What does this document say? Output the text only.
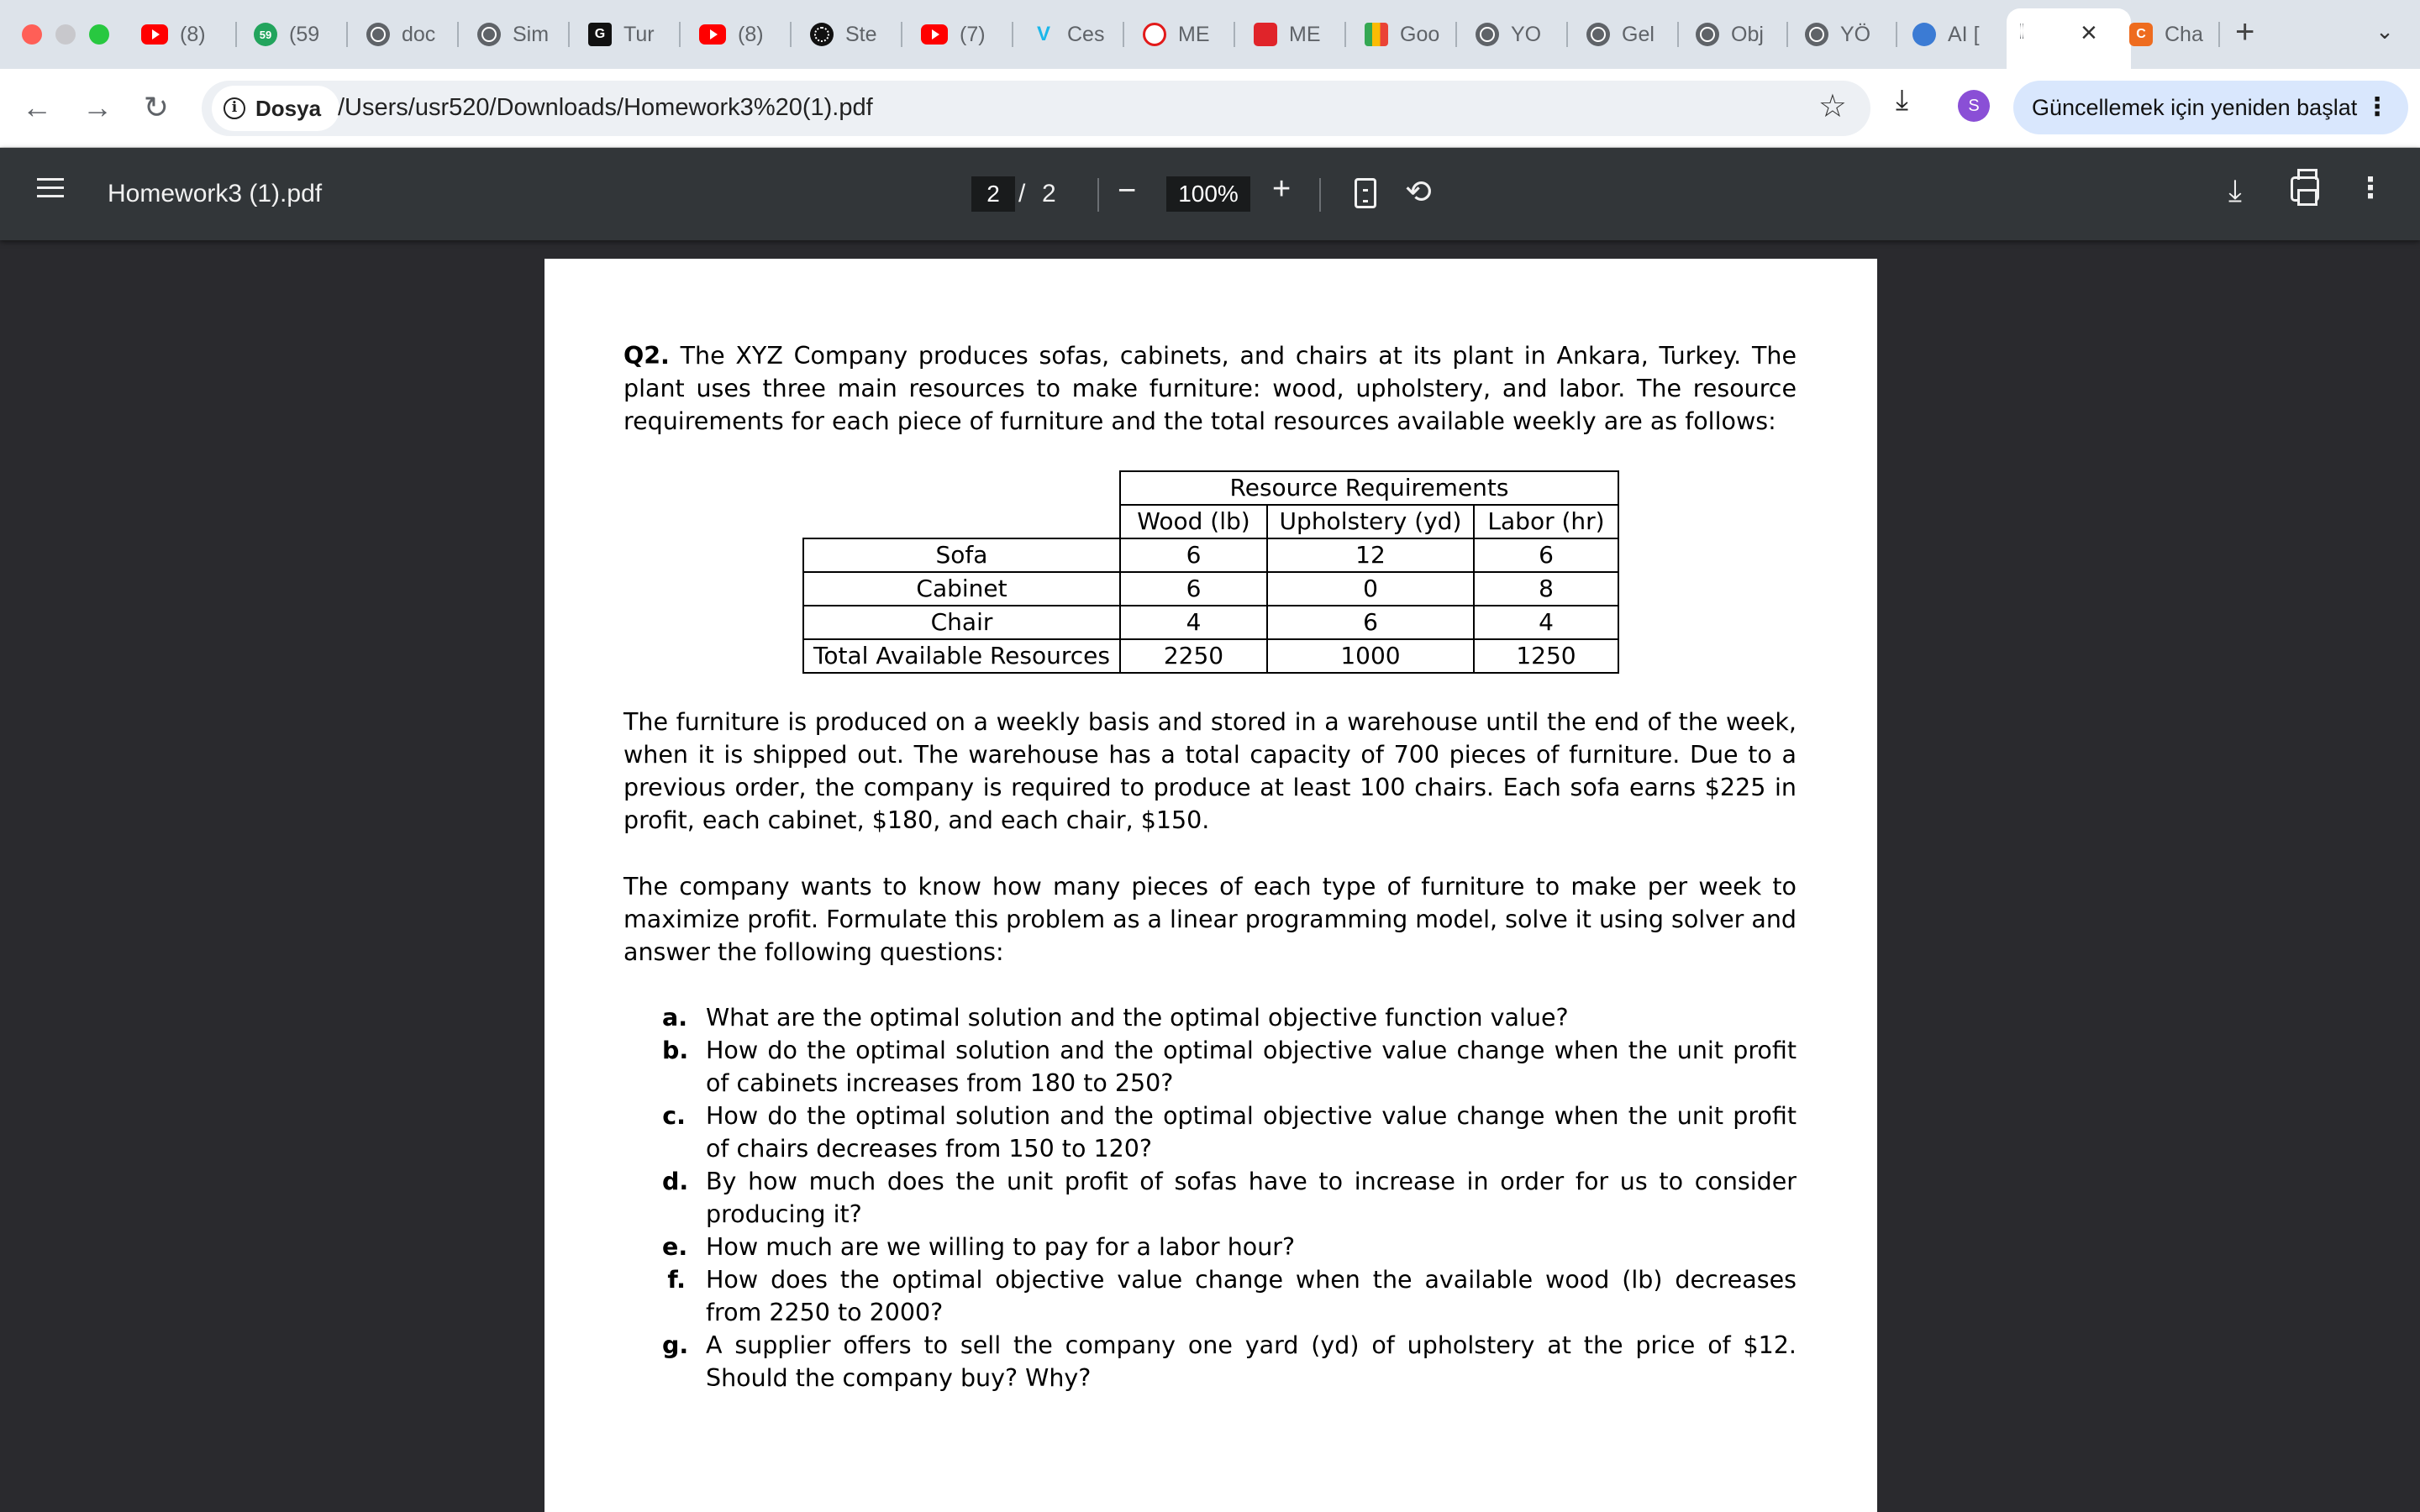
(8)	59 (59	doc	Sim	G Tur	(8)	Ste	(7)	V Ces	ME	ME	Goo	YO	Gel	Obj	YÖ	AI [	×	C Cha +	⌄
← → ↻	i Dosya /Users/usr520/Downloads/Homework3%20(1).pdf	☆ ⤓	S	Güncellemek için yeniden başlat ⋮
Homework3 (1).pdf	2 / 2 −	100%	+	⟲	⤓	⋮
Q2. The XYZ Company produces sofas, cabinets, and chairs at its plant in Ankara, Turkey. The plant uses three main resources to make furniture: wood, upholstery, and labor. The resource requirements for each piece of furniture and the total resources available weekly are as follows:
	Resource Requirements		
	Wood (lb)	Upholstery (yd)	Labor (hr)
Sofa	6	12	6
Cabinet	6	0	8
Chair	4	6	4
Total Available Resources	2250	1000	1250
The furniture is produced on a weekly basis and stored in a warehouse until the end of the week, when it is shipped out. The warehouse has a total capacity of 700 pieces of furniture. Due to a previous order, the company is required to produce at least 100 chairs. Each sofa earns $225 in profit, each cabinet, $180, and each chair, $150.
The company wants to know how many pieces of each type of furniture to make per week to maximize profit. Formulate this problem as a linear programming model, solve it using solver and answer the following questions:
a. What are the optimal solution and the optimal objective function value?
b. How do the optimal solution and the optimal objective value change when the unit profit of cabinets increases from 180 to 250?
c. How do the optimal solution and the optimal objective value change when the unit profit of chairs decreases from 150 to 120?
d. By how much does the unit profit of sofas have to increase in order for us to consider producing it?
e. How much are we willing to pay for a labor hour?
f. How does the optimal objective value change when the available wood (lb) decreases from 2250 to 2000?
g. A supplier offers to sell the company one yard (yd) of upholstery at the price of $12. Should the company buy? Why?
